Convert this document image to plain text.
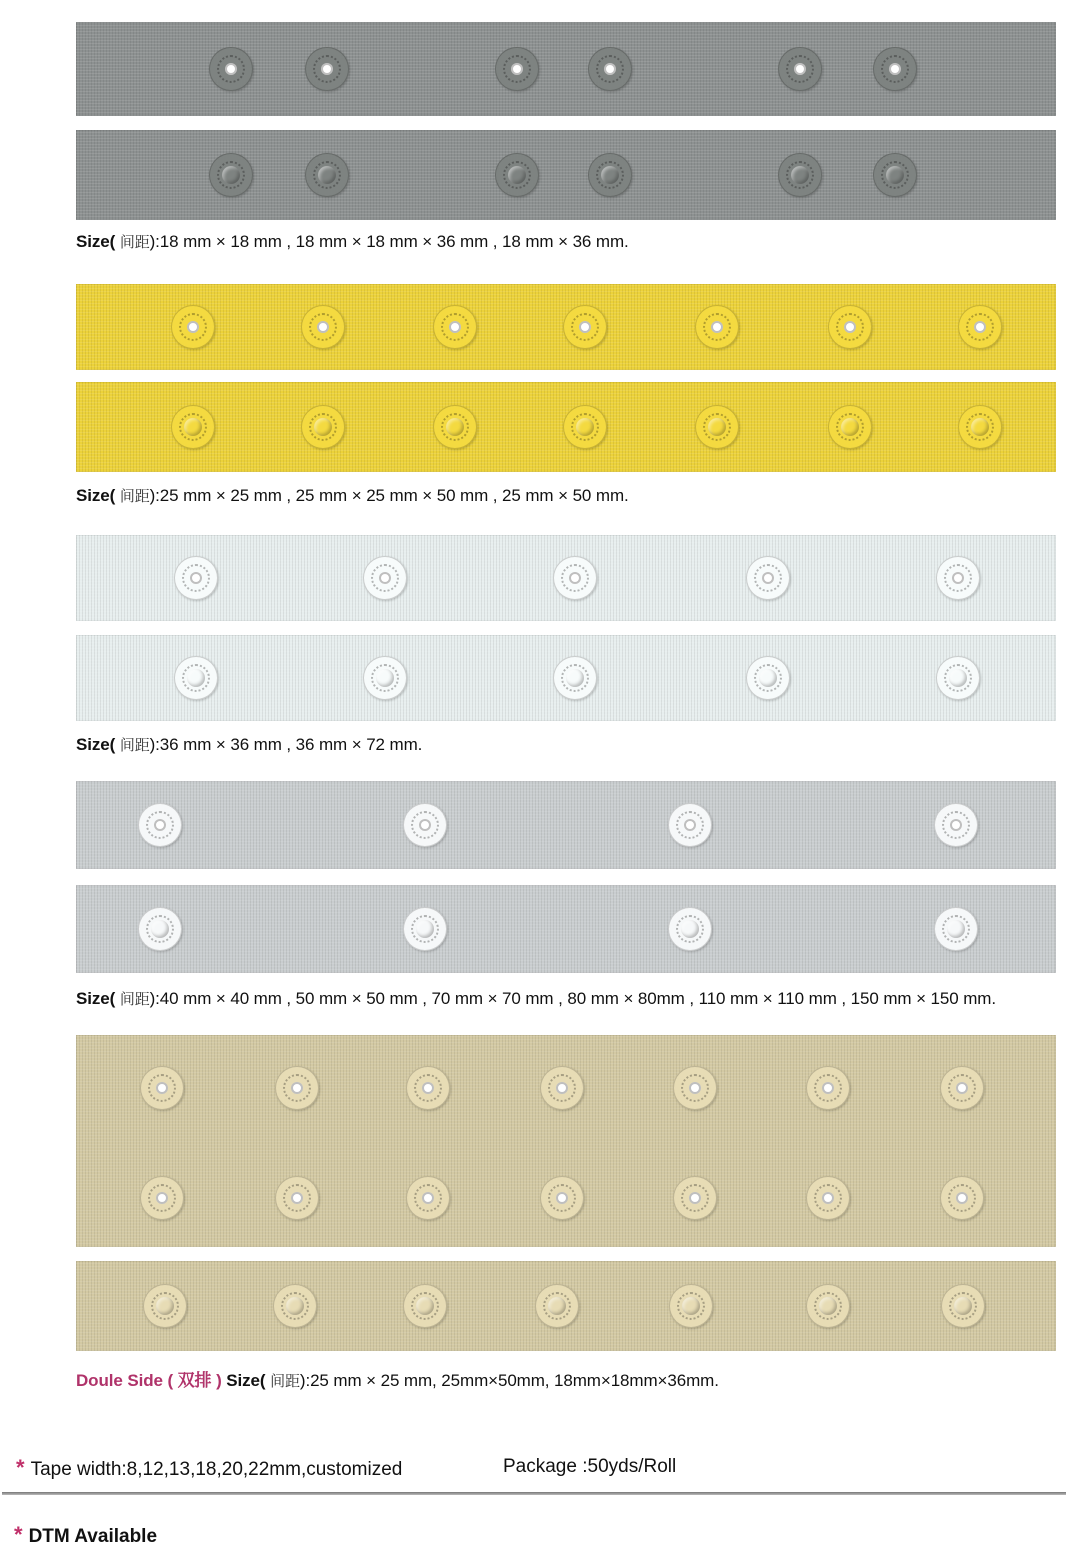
Size( 间距):18 mm × 18 mm , 18 mm × 18 mm × 36 mm , 18 mm × 36 mm.
Size( 间距):25 mm × 25 mm , 25 mm × 25 mm × 50 mm , 25 mm × 50 mm.
Size( 间距):36 mm × 36 mm , 36 mm × 72 mm.
Size( 间距):40 mm × 40 mm , 50 mm × 50 mm , 70 mm × 70 mm , 80 mm × 80mm , 110 mm × 110 mm , 150 mm × 150 mm.
Doule Side ( 双排 ) Size( 间距):25 mm × 25 mm, 25mm×50mm, 18mm×18mm×36mm.
* Tape width:8,12,13,18,20,22mm,customized	Package :50yds/Roll
* DTM Available
